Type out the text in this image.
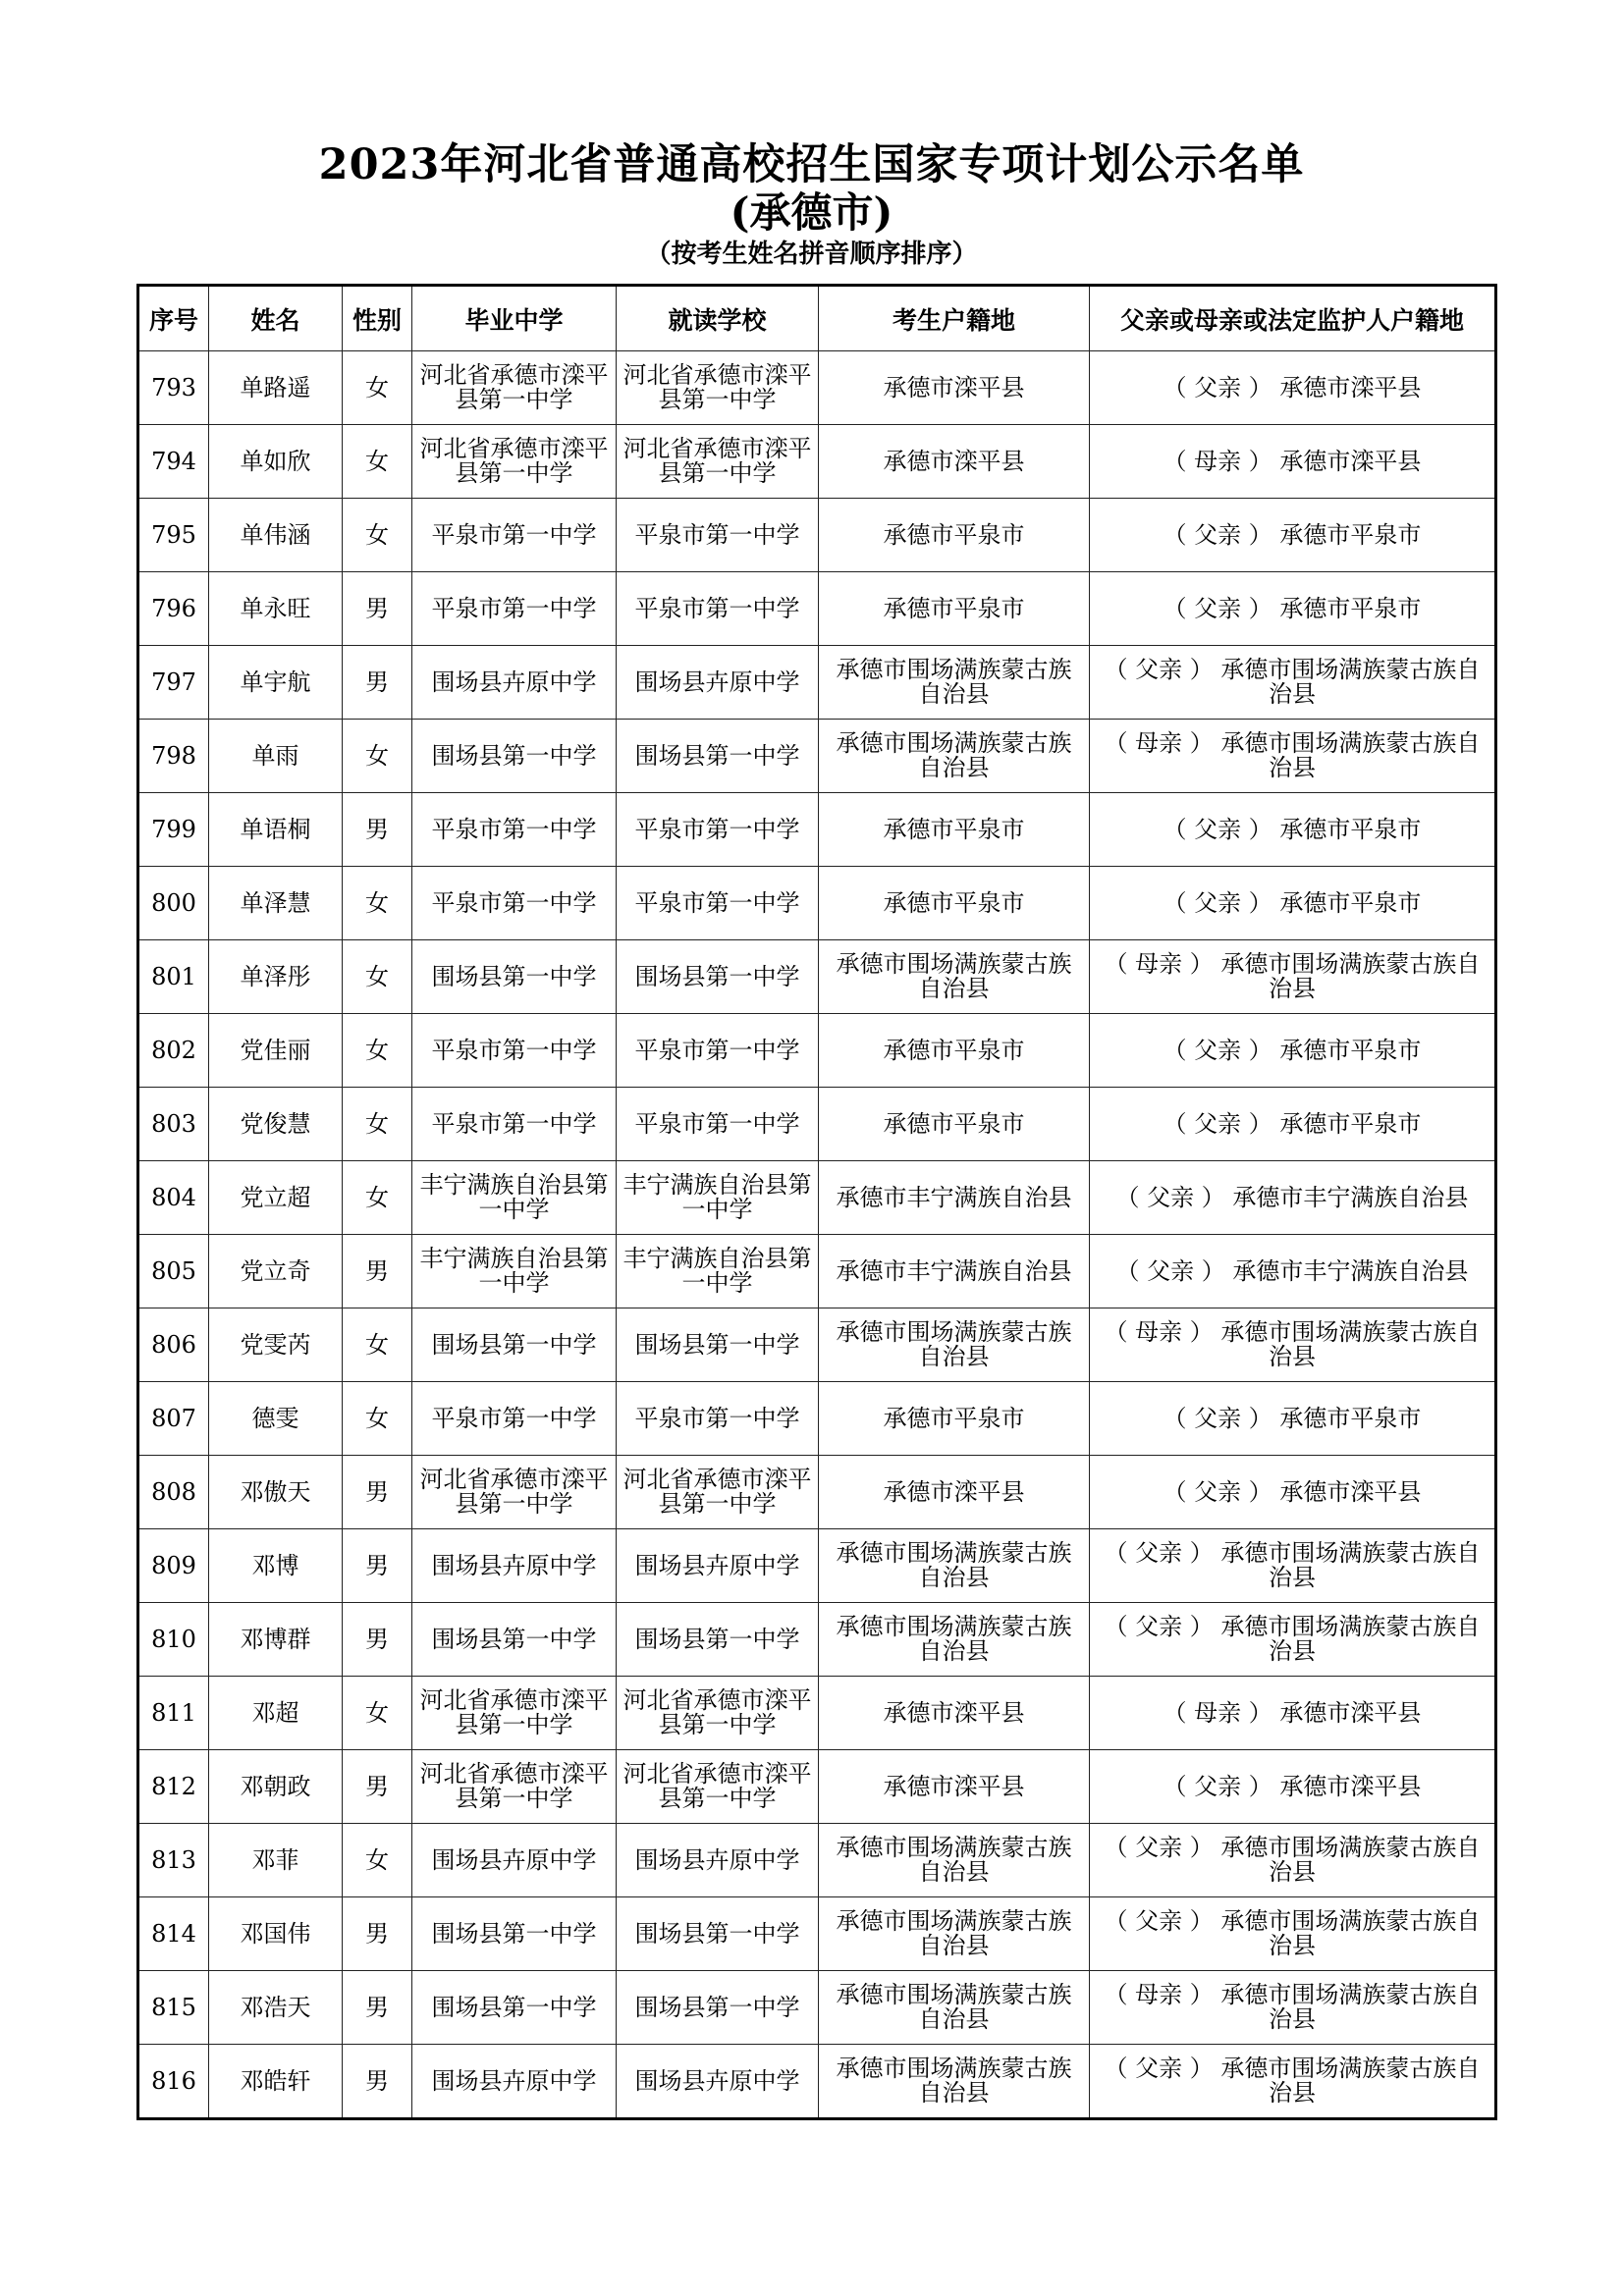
2023年河北省普通高校招生国家专项计划公示名单
(承德市)
（按考生姓名拼音顺序排序）
序号	姓名	性别	毕业中学	就读学校	考生户籍地	父亲或母亲或法定监护人户籍地
793	单路遥	女	河北省承德市滦平县第一中学	河北省承德市滦平县第一中学	承德市滦平县	（ 父亲 ） 承德市滦平县
794	单如欣	女	河北省承德市滦平县第一中学	河北省承德市滦平县第一中学	承德市滦平县	（ 母亲 ） 承德市滦平县
795	单伟涵	女	平泉市第一中学	平泉市第一中学	承德市平泉市	（ 父亲 ） 承德市平泉市
796	单永旺	男	平泉市第一中学	平泉市第一中学	承德市平泉市	（ 父亲 ） 承德市平泉市
797	单宇航	男	围场县卉原中学	围场县卉原中学	承德市围场满族蒙古族自治县	（ 父亲 ） 承德市围场满族蒙古族自治县
798	单雨	女	围场县第一中学	围场县第一中学	承德市围场满族蒙古族自治县	（ 母亲 ） 承德市围场满族蒙古族自治县
799	单语桐	男	平泉市第一中学	平泉市第一中学	承德市平泉市	（ 父亲 ） 承德市平泉市
800	单泽慧	女	平泉市第一中学	平泉市第一中学	承德市平泉市	（ 父亲 ） 承德市平泉市
801	单泽彤	女	围场县第一中学	围场县第一中学	承德市围场满族蒙古族自治县	（ 母亲 ） 承德市围场满族蒙古族自治县
802	党佳丽	女	平泉市第一中学	平泉市第一中学	承德市平泉市	（ 父亲 ） 承德市平泉市
803	党俊慧	女	平泉市第一中学	平泉市第一中学	承德市平泉市	（ 父亲 ） 承德市平泉市
804	党立超	女	丰宁满族自治县第一中学	丰宁满族自治县第一中学	承德市丰宁满族自治县	（ 父亲 ） 承德市丰宁满族自治县
805	党立奇	男	丰宁满族自治县第一中学	丰宁满族自治县第一中学	承德市丰宁满族自治县	（ 父亲 ） 承德市丰宁满族自治县
806	党雯芮	女	围场县第一中学	围场县第一中学	承德市围场满族蒙古族自治县	（ 母亲 ） 承德市围场满族蒙古族自治县
807	德雯	女	平泉市第一中学	平泉市第一中学	承德市平泉市	（ 父亲 ） 承德市平泉市
808	邓傲天	男	河北省承德市滦平县第一中学	河北省承德市滦平县第一中学	承德市滦平县	（ 父亲 ） 承德市滦平县
809	邓博	男	围场县卉原中学	围场县卉原中学	承德市围场满族蒙古族自治县	（ 父亲 ） 承德市围场满族蒙古族自治县
810	邓博群	男	围场县第一中学	围场县第一中学	承德市围场满族蒙古族自治县	（ 父亲 ） 承德市围场满族蒙古族自治县
811	邓超	女	河北省承德市滦平县第一中学	河北省承德市滦平县第一中学	承德市滦平县	（ 母亲 ） 承德市滦平县
812	邓朝政	男	河北省承德市滦平县第一中学	河北省承德市滦平县第一中学	承德市滦平县	（ 父亲 ） 承德市滦平县
813	邓菲	女	围场县卉原中学	围场县卉原中学	承德市围场满族蒙古族自治县	（ 父亲 ） 承德市围场满族蒙古族自治县
814	邓国伟	男	围场县第一中学	围场县第一中学	承德市围场满族蒙古族自治县	（ 父亲 ） 承德市围场满族蒙古族自治县
815	邓浩天	男	围场县第一中学	围场县第一中学	承德市围场满族蒙古族自治县	（ 母亲 ） 承德市围场满族蒙古族自治县
816	邓皓轩	男	围场县卉原中学	围场县卉原中学	承德市围场满族蒙古族自治县	（ 父亲 ） 承德市围场满族蒙古族自治县
